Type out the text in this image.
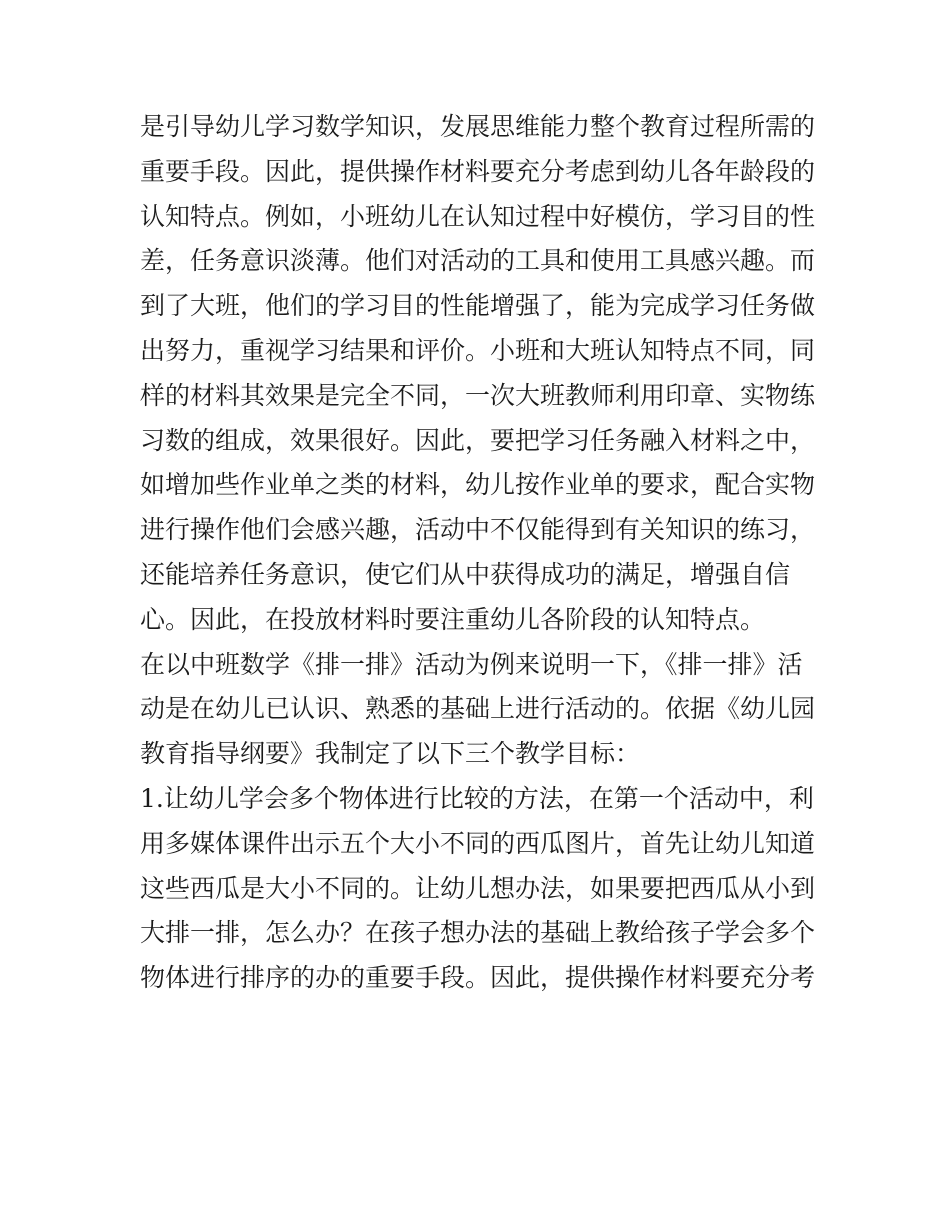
是引导幼儿学习数学知识，发展思维能力整个教育过程所需的
重要手段。因此，提供操作材料要充分考虑到幼儿各年龄段的
认知特点。例如，小班幼儿在认知过程中好模仿，学习目的性
差，任务意识淡薄。他们对活动的工具和使用工具感兴趣。而
到了大班，他们的学习目的性能增强了，能为完成学习任务做
出努力，重视学习结果和评价。小班和大班认知特点不同，同
样的材料其效果是完全不同，一次大班教师利用印章、实物练
习数的组成，效果很好。因此，要把学习任务融入材料之中，
如增加些作业单之类的材料，幼儿按作业单的要求，配合实物
进行操作他们会感兴趣，活动中不仅能得到有关知识的练习，
还能培养任务意识，使它们从中获得成功的满足，增强自信
心。因此，在投放材料时要注重幼儿各阶段的认知特点。
在以中班数学《排一排》活动为例来说明一下，《排一排》活
动是在幼儿已认识、熟悉的基础上进行活动的。依据《幼儿园
教育指导纲要》我制定了以下三个教学目标：
1.让幼儿学会多个物体进行比较的方法，在第一个活动中，利
用多媒体课件出示五个大小不同的西瓜图片，首先让幼儿知道
这些西瓜是大小不同的。让幼儿想办法，如果要把西瓜从小到
大排一排，怎么办？在孩子想办法的基础上教给孩子学会多个
物体进行排序的办的重要手段。因此，提供操作材料要充分考
